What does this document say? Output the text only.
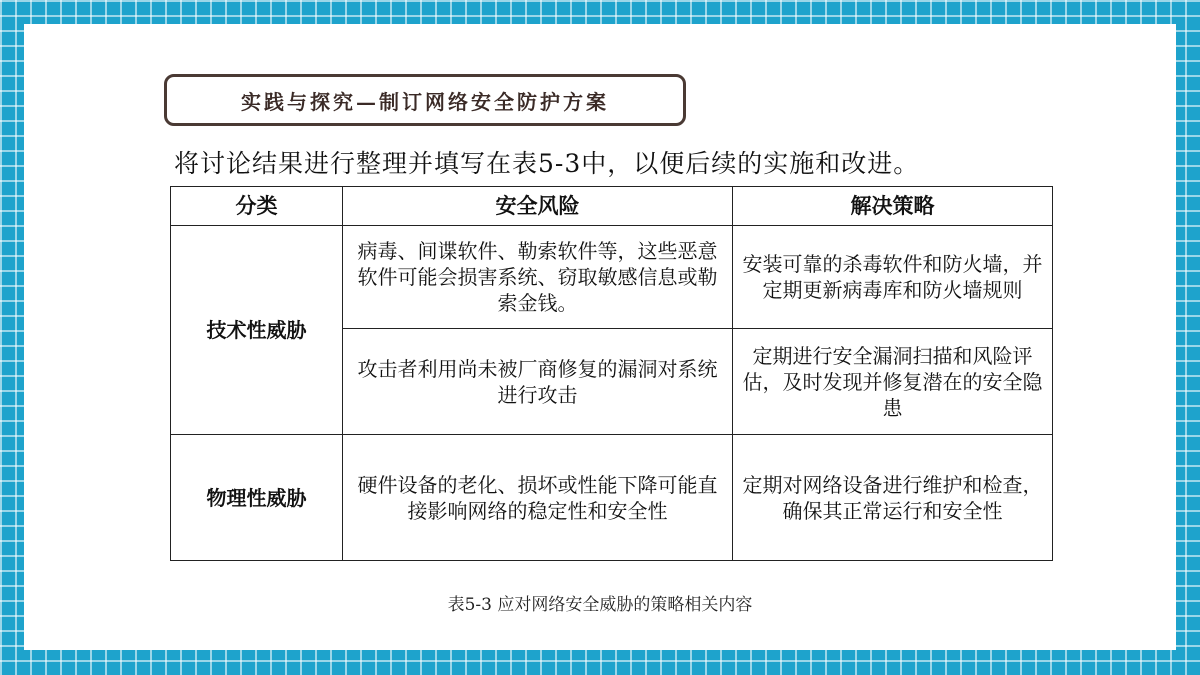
实践与探究—制订网络安全防护方案
将讨论结果进行整理并填写在表5-3中，以便后续的实施和改进。
分类	安全风险	解决策略
技术性威胁	病毒、间谍软件、勒索软件等，这些恶意软件可能会损害系统、窃取敏感信息或勒索金钱。	安装可靠的杀毒软件和防火墙，并定期更新病毒库和防火墙规则
	攻击者利用尚未被厂商修复的漏洞对系统进行攻击	定期进行安全漏洞扫描和风险评估，及时发现并修复潜在的安全隐患
物理性威胁	硬件设备的老化、损坏或性能下降可能直接影响网络的稳定性和安全性	定期对网络设备进行维护和检查，确保其正常运行和安全性
表5-3 应对网络安全威胁的策略相关内容
